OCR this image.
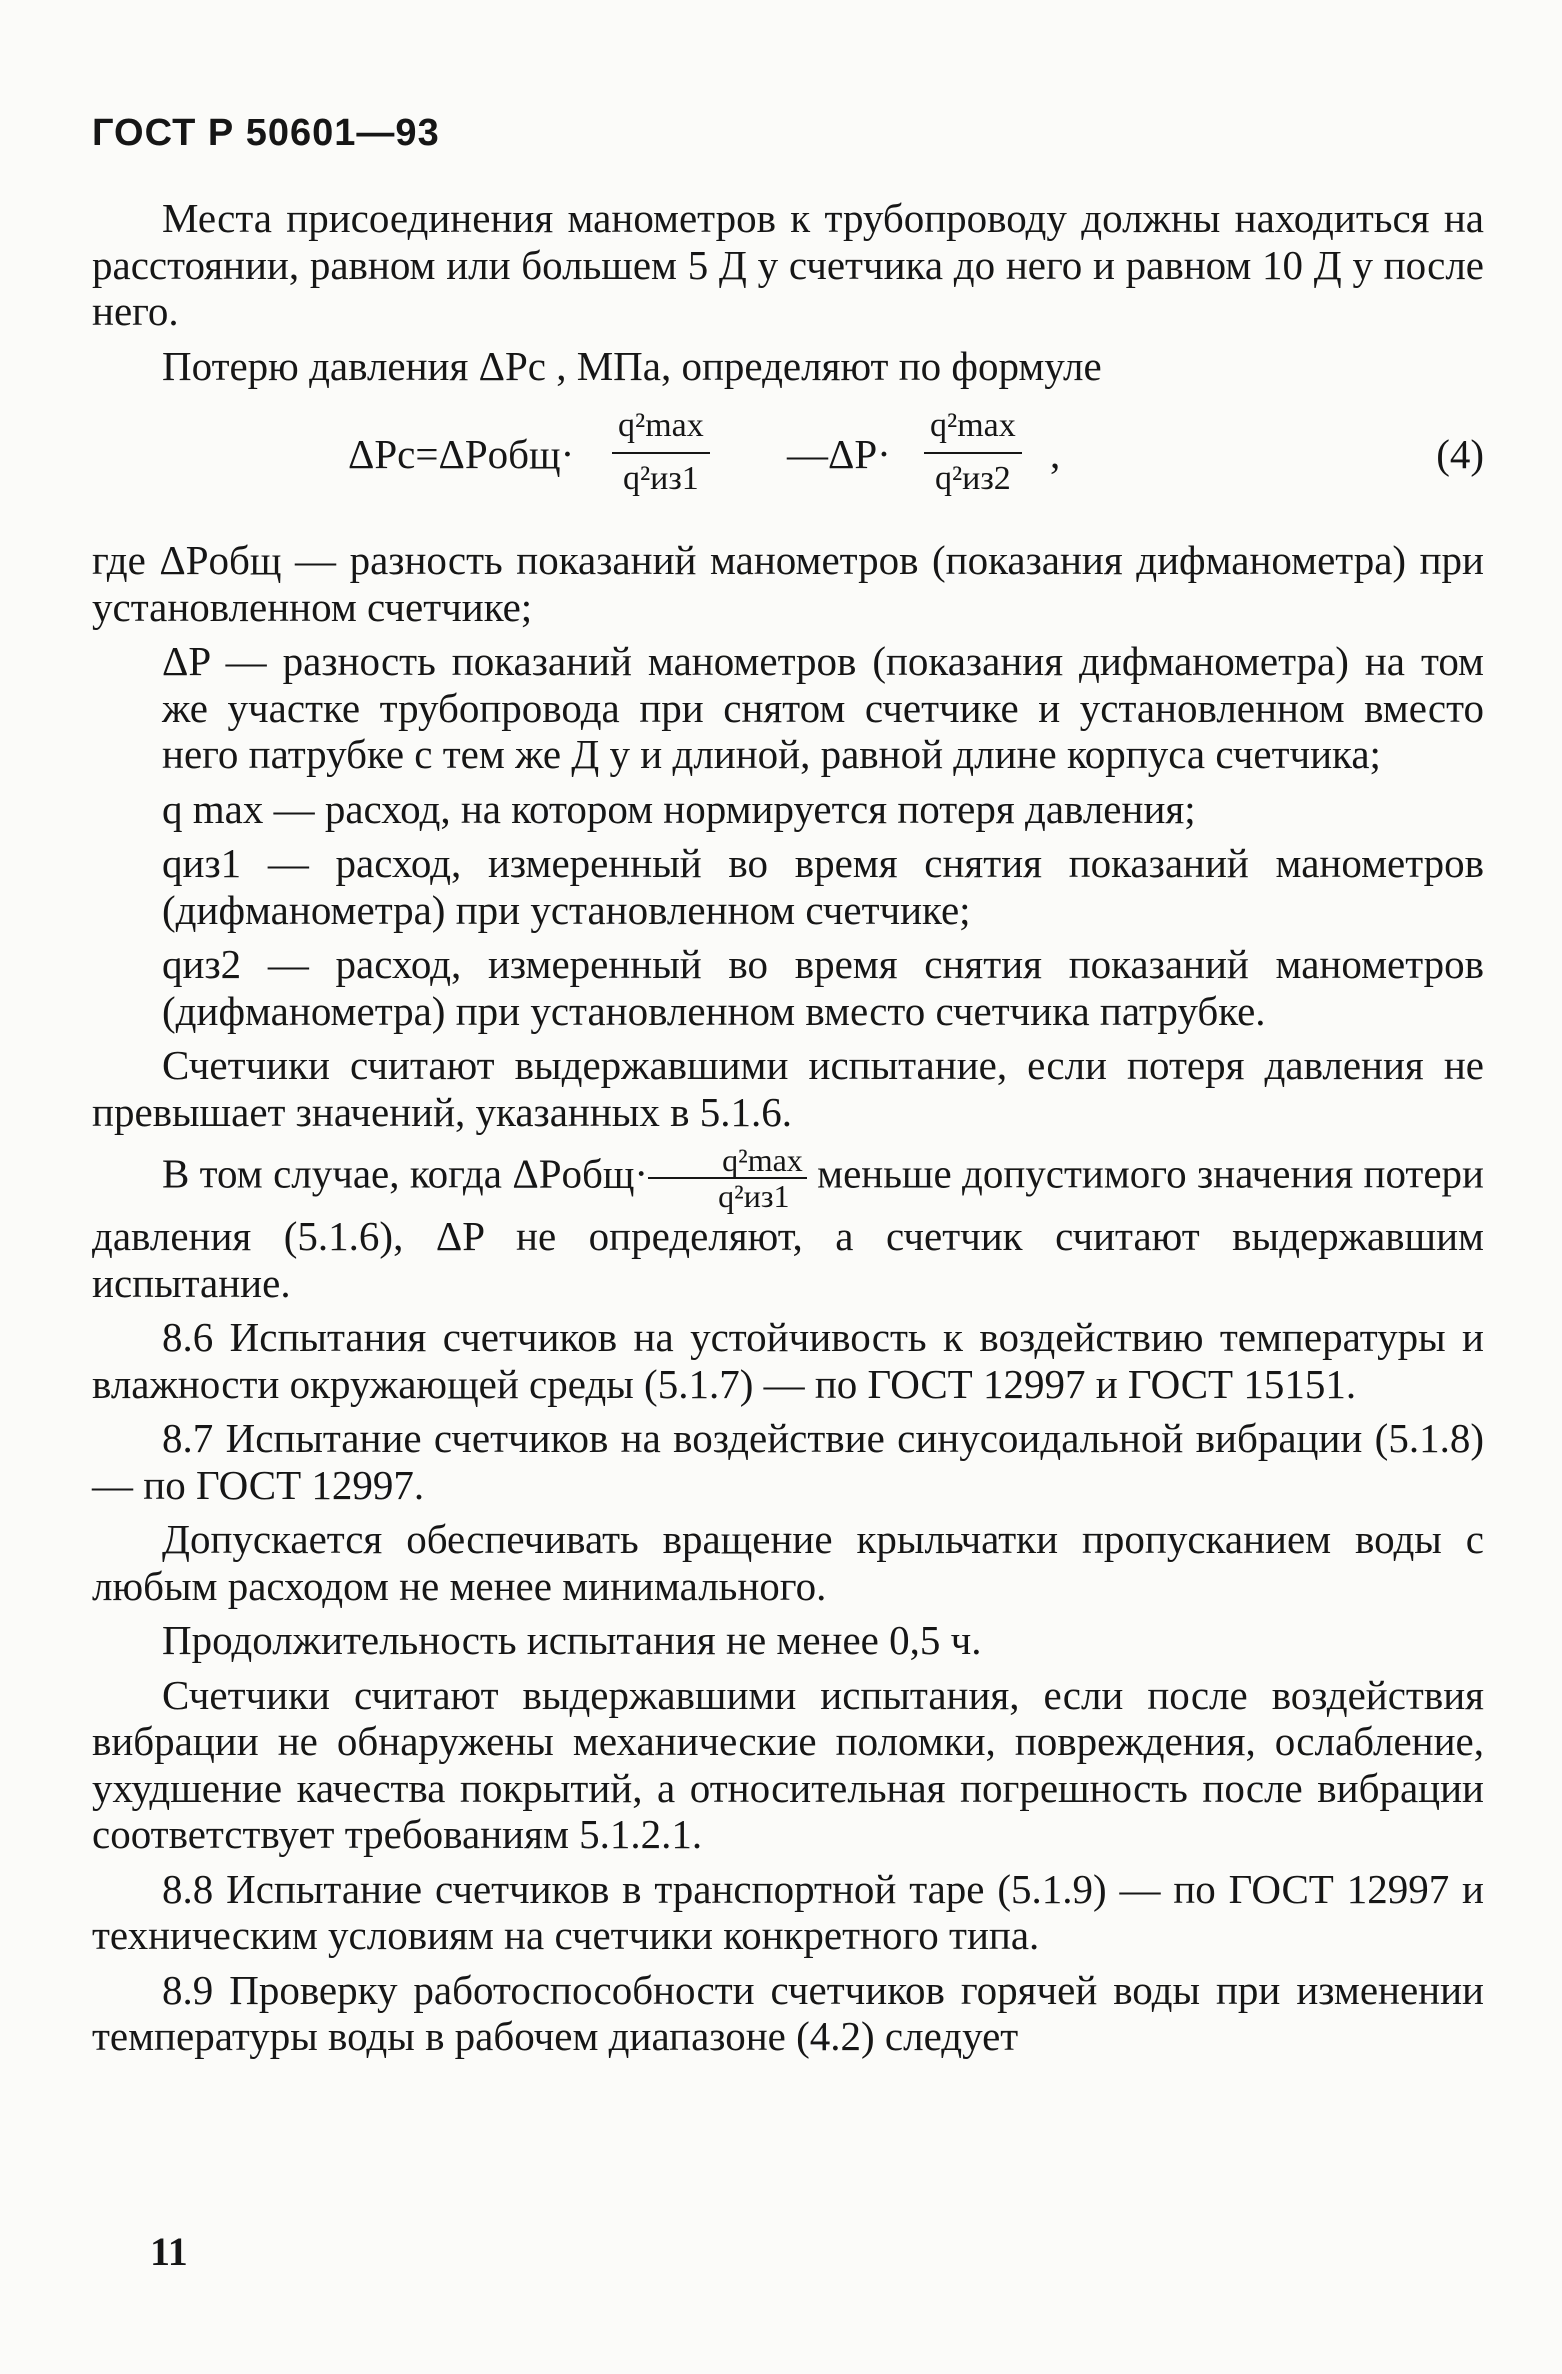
ГОСТ Р 50601—93

Места присоединения манометров к трубопроводу должны находиться на расстоянии, равном или большем 5 Д у счетчика до него и равном 10 Д у после него.

Потерю давления ΔPс , МПа, определяют по формуле

ΔPс=ΔPобщ·
q²max
q²из1
—ΔP·
q²max
q²из2
,	(4)

где ΔPобщ — разность показаний манометров (показания дифманометра) при установленном счетчике;

ΔP — разность показаний манометров (показания дифманометра) на том же участке трубопровода при снятом счетчике и установленном вместо него патрубке с тем же Д у и длиной, равной длине корпуса счетчика;

q max — расход, на котором нормируется потеря давления;

qиз1 — расход, измеренный во время снятия показаний манометров (дифманометра) при установленном счетчике;

qиз2 — расход, измеренный во время снятия показаний манометров (дифманометра) при установленном вместо счетчика патрубке.

Счетчики считают выдержавшими испытание, если потеря давления не превышает значений, указанных в 5.1.6.

В том случае, когда ΔPобщ· $\frac{\text{q²max}}{\text{q²из1}}$ меньше допустимого значения потери давления (5.1.6), ΔP не определяют, а счетчик считают выдержавшим испытание.

8.6 Испытания счетчиков на устойчивость к воздействию температуры и влажности окружающей среды (5.1.7) — по ГОСТ 12997 и ГОСТ 15151.

8.7 Испытание счетчиков на воздействие синусоидальной вибрации (5.1.8) — по ГОСТ 12997.

Допускается обеспечивать вращение крыльчатки пропусканием воды с любым расходом не менее минимального.

Продолжительность испытания не менее 0,5 ч.

Счетчики считают выдержавшими испытания, если после воздействия вибрации не обнаружены механические поломки, повреждения, ослабление, ухудшение качества покрытий, а относительная погрешность после вибрации соответствует требованиям 5.1.2.1.

8.8 Испытание счетчиков в транспортной таре (5.1.9) — по ГОСТ 12997 и техническим условиям на счетчики конкретного типа.

8.9 Проверку работоспособности счетчиков горячей воды при изменении температуры воды в рабочем диапазоне (4.2) следует

11
